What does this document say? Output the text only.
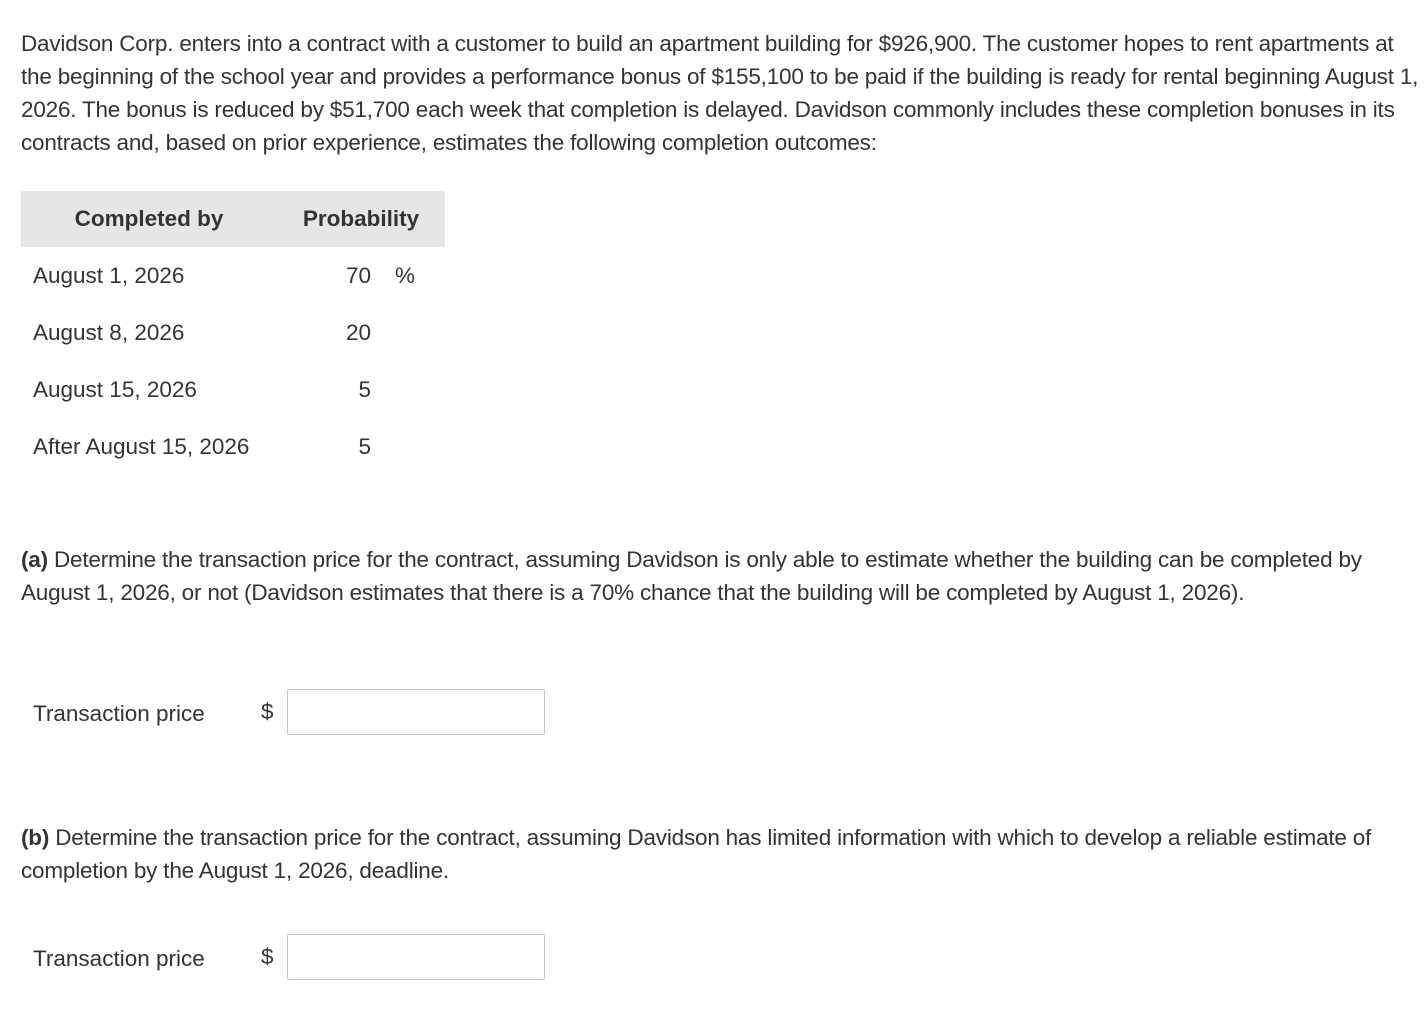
Davidson Corp. enters into a contract with a customer to build an apartment building for $926,900. The customer hopes to rent apartments at the beginning of the school year and provides a performance bonus of $155,100 to be paid if the building is ready for rental beginning August 1, 2026. The bonus is reduced by $51,700 each week that completion is delayed. Davidson commonly includes these completion bonuses in its contracts and, based on prior experience, estimates the following completion outcomes:

Completed by	Probability
August 1, 2026	70 %
August 8, 2026	20
August 15, 2026	5
After August 15, 2026	5

(a) Determine the transaction price for the contract, assuming Davidson is only able to estimate whether the building can be completed by August 1, 2026, or not (Davidson estimates that there is a 70% chance that the building will be completed by August 1, 2026).

Transaction price	$

(b) Determine the transaction price for the contract, assuming Davidson has limited information with which to develop a reliable estimate of completion by the August 1, 2026, deadline.

Transaction price	$
